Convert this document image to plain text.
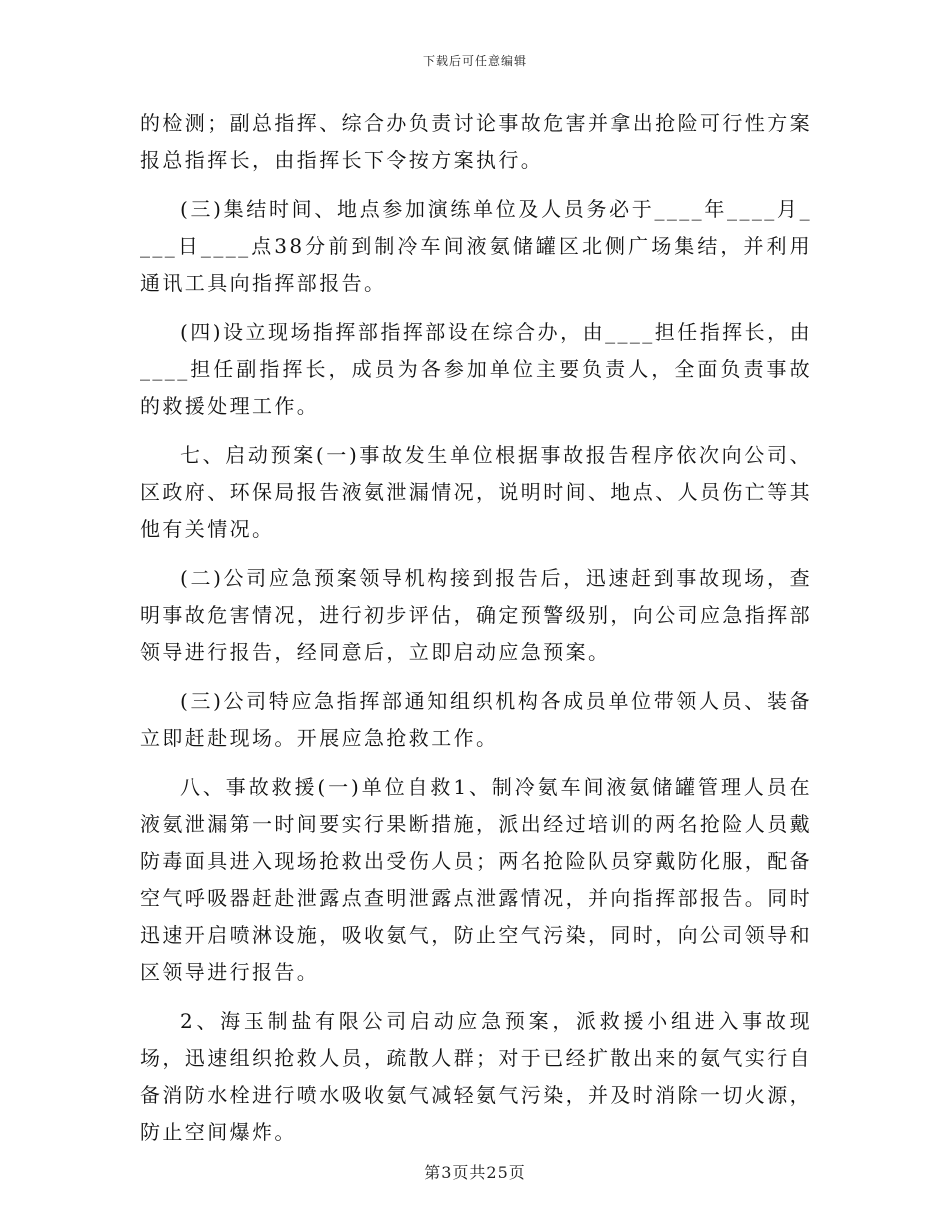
下载后可任意编辑

的检测；副总指挥、综合办负责讨论事故危害并拿出抢险可行性方案报总指挥长，由指挥长下令按方案执行。

(三)集结时间、地点参加演练单位及人员务必于____年____月____日____点38分前到制冷车间液氨储罐区北侧广场集结，并利用通讯工具向指挥部报告。

(四)设立现场指挥部指挥部设在综合办，由____担任指挥长，由____担任副指挥长，成员为各参加单位主要负责人，全面负责事故的救援处理工作。

七、启动预案(一)事故发生单位根据事故报告程序依次向公司、区政府、环保局报告液氨泄漏情况，说明时间、地点、人员伤亡等其他有关情况。

(二)公司应急预案领导机构接到报告后，迅速赶到事故现场，查明事故危害情况，进行初步评估，确定预警级别，向公司应急指挥部领导进行报告，经同意后，立即启动应急预案。

(三)公司特应急指挥部通知组织机构各成员单位带领人员、装备立即赶赴现场。开展应急抢救工作。

八、事故救援(一)单位自救1、制冷氨车间液氨储罐管理人员在液氨泄漏第一时间要实行果断措施，派出经过培训的两名抢险人员戴防毒面具进入现场抢救出受伤人员；两名抢险队员穿戴防化服，配备空气呼吸器赶赴泄露点查明泄露点泄露情况，并向指挥部报告。同时迅速开启喷淋设施，吸收氨气，防止空气污染，同时，向公司领导和区领导进行报告。

2、海玉制盐有限公司启动应急预案，派救援小组进入事故现场，迅速组织抢救人员，疏散人群；对于已经扩散出来的氨气实行自备消防水栓进行喷水吸收氨气减轻氨气污染，并及时消除一切火源，防止空间爆炸。

第3页共25页
